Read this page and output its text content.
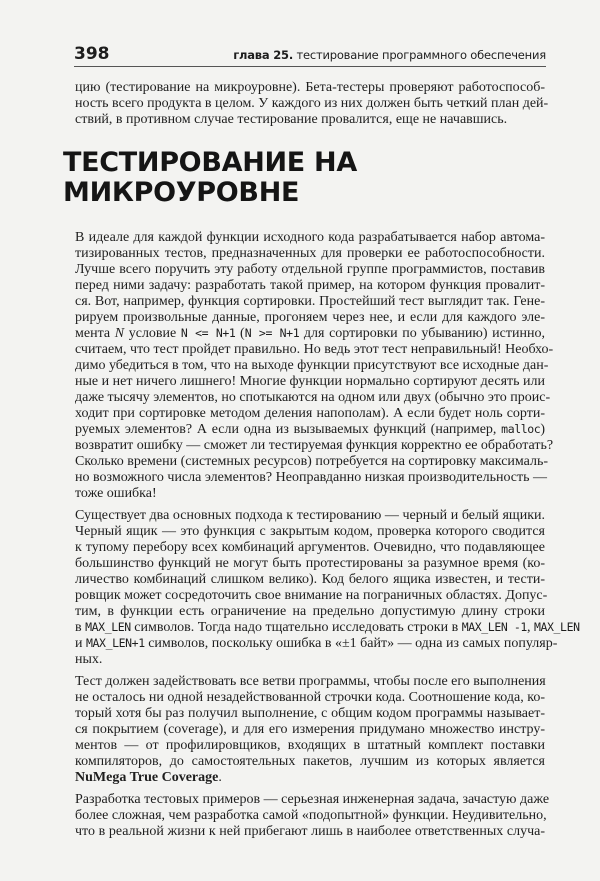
398	глава 25. тестирование программного обеспечения
цию (тестирование на микроуровне). Бета-тестеры проверяют работоспособ-
ность всего продукта в целом. У каждого из них должен быть четкий план дей-
ствий, в противном случае тестирование провалится, еще не начавшись.
ТЕСТИРОВАНИЕ НА МИКРОУРОВНЕ
В идеале для каждой функции исходного кода разрабатывается набор автома-
тизированных тестов, предназначенных для проверки ее работоспособности.
Лучше всего поручить эту работу отдельной группе программистов, поставив
перед ними задачу: разработать такой пример, на котором функция провалит-
ся. Вот, например, функция сортировки. Простейший тест выглядит так. Гене-
рируем произвольные данные, прогоняем через нее, и если для каждого эле-
мента N условие N <= N+1 (N >= N+1 для сортировки по убыванию) истинно,
считаем, что тест пройдет правильно. Но ведь этот тест неправильный! Необхо-
димо убедиться в том, что на выходе функции присутствуют все исходные дан-
ные и нет ничего лишнего! Многие функции нормально сортируют десять или
даже тысячу элементов, но спотыкаются на одном или двух (обычно это проис-
ходит при сортировке методом деления напополам). А если будет ноль сорти-
руемых элементов? А если одна из вызываемых функций (например, malloc)
возвратит ошибку — сможет ли тестируемая функция корректно ее обработать?
Сколько времени (системных ресурсов) потребуется на сортировку максималь-
но возможного числа элементов? Неоправданно низкая производительность —
тоже ошибка!
Существует два основных подхода к тестированию — черный и белый ящики.
Черный ящик — это функция с закрытым кодом, проверка которого сводится
к тупому перебору всех комбинаций аргументов. Очевидно, что подавляющее
большинство функций не могут быть протестированы за разумное время (ко-
личество комбинаций слишком велико). Код белого ящика известен, и тести-
ровщик может сосредоточить свое внимание на пограничных областях. Допус-
тим, в функции есть ограничение на предельно допустимую длину строки
в MAX_LEN символов. Тогда надо тщательно исследовать строки в MAX_LEN -1, MAX_LEN
и MAX_LEN+1 символов, поскольку ошибка в «±1 байт» — одна из самых популяр-
ных.
Тест должен задействовать все ветви программы, чтобы после его выполнения
не осталось ни одной незадействованной строчки кода. Соотношение кода, ко-
торый хотя бы раз получил выполнение, с общим кодом программы называет-
ся покрытием (coverage), и для его измерения придумано множество инстру-
ментов — от профилировщиков, входящих в штатный комплект поставки
компиляторов, до самостоятельных пакетов, лучшим из которых является
NuMega True Coverage.
Разработка тестовых примеров — серьезная инженерная задача, зачастую даже
более сложная, чем разработка самой «подопытной» функции. Неудивительно,
что в реальной жизни к ней прибегают лишь в наиболее ответственных случа-
